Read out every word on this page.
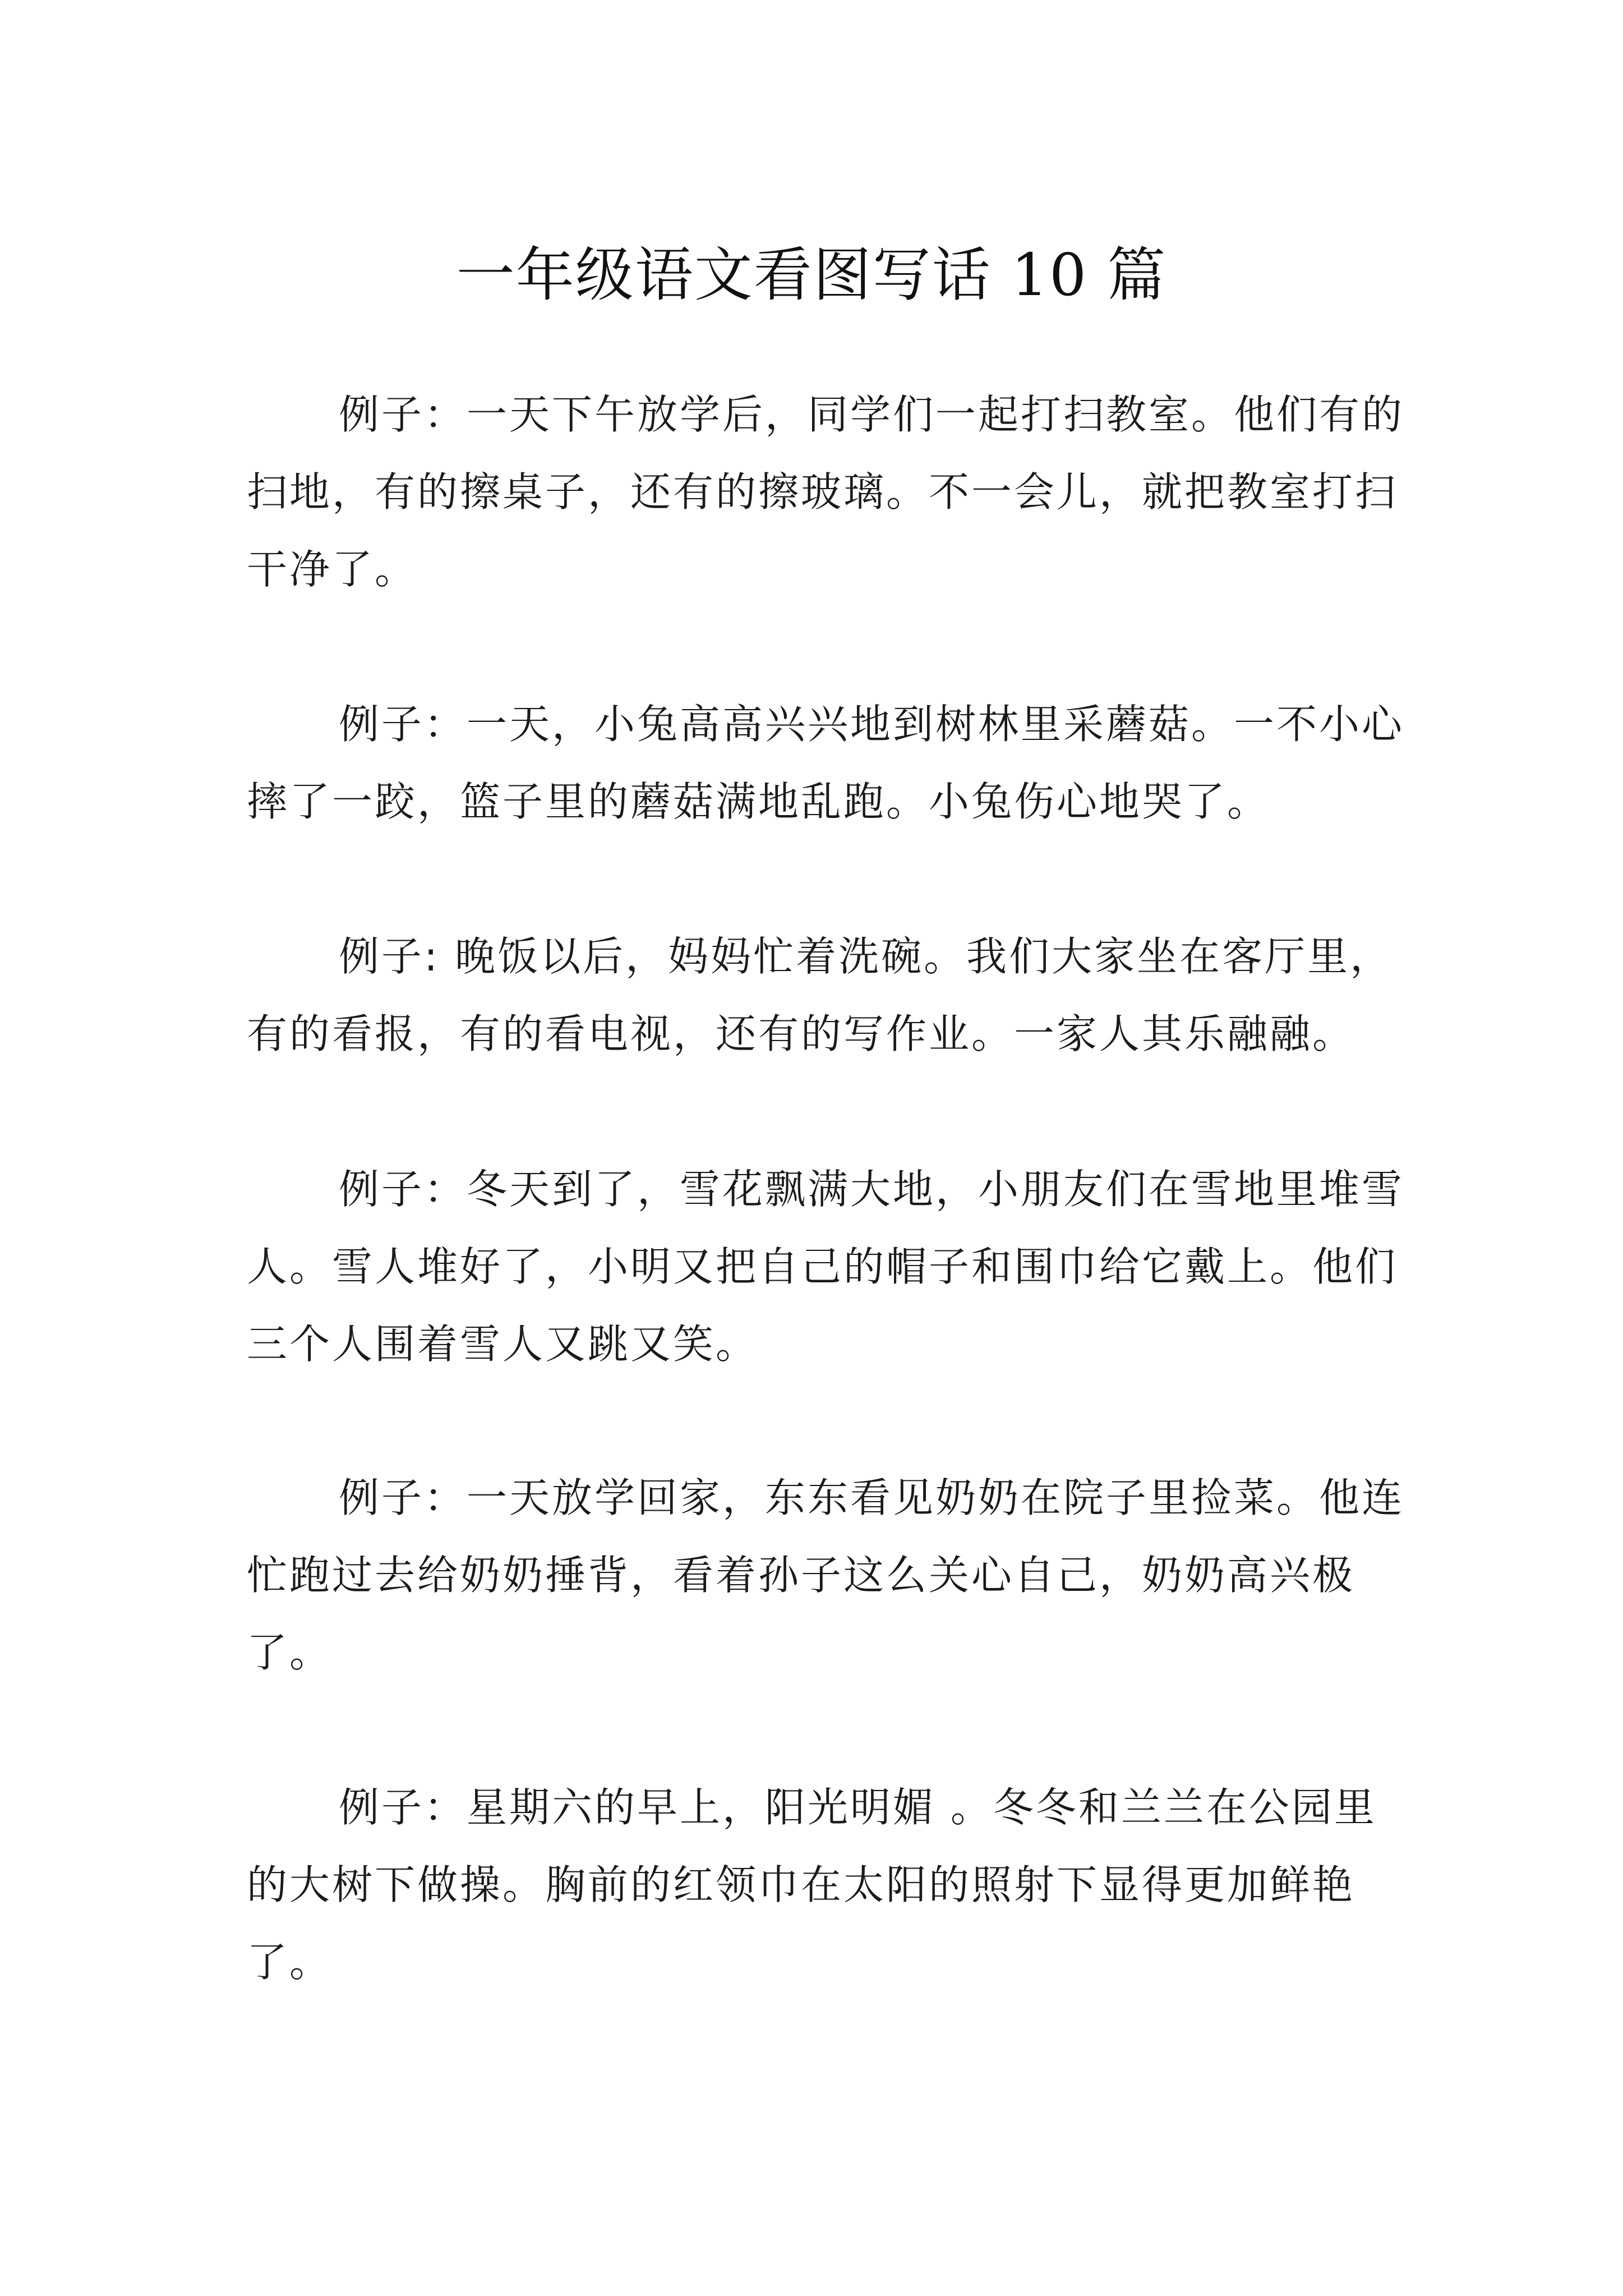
一年级语文看图写话 10 篇

例子：一天下午放学后，同学们一起打扫教室。他们有的扫地，有的擦桌子，还有的擦玻璃。不一会儿，就把教室打扫干净了。

例子：一天，小兔高高兴兴地到树林里采蘑菇。一不小心摔了一跤，篮子里的蘑菇满地乱跑。小兔伤心地哭了。

例子: 晚饭以后，妈妈忙着洗碗。我们大家坐在客厅里，有的看报，有的看电视，还有的写作业。一家人其乐融融。

例子：冬天到了，雪花飘满大地，小朋友们在雪地里堆雪人。雪人堆好了，小明又把自己的帽子和围巾给它戴上。他们三个人围着雪人又跳又笑。

例子：一天放学回家，东东看见奶奶在院子里捡菜。他连忙跑过去给奶奶捶背，看着孙子这么关心自己，奶奶高兴极了。

例子：星期六的早上，阳光明媚 。冬冬和兰兰在公园里的大树下做操。胸前的红领巾在太阳的照射下显得更加鲜艳了。
